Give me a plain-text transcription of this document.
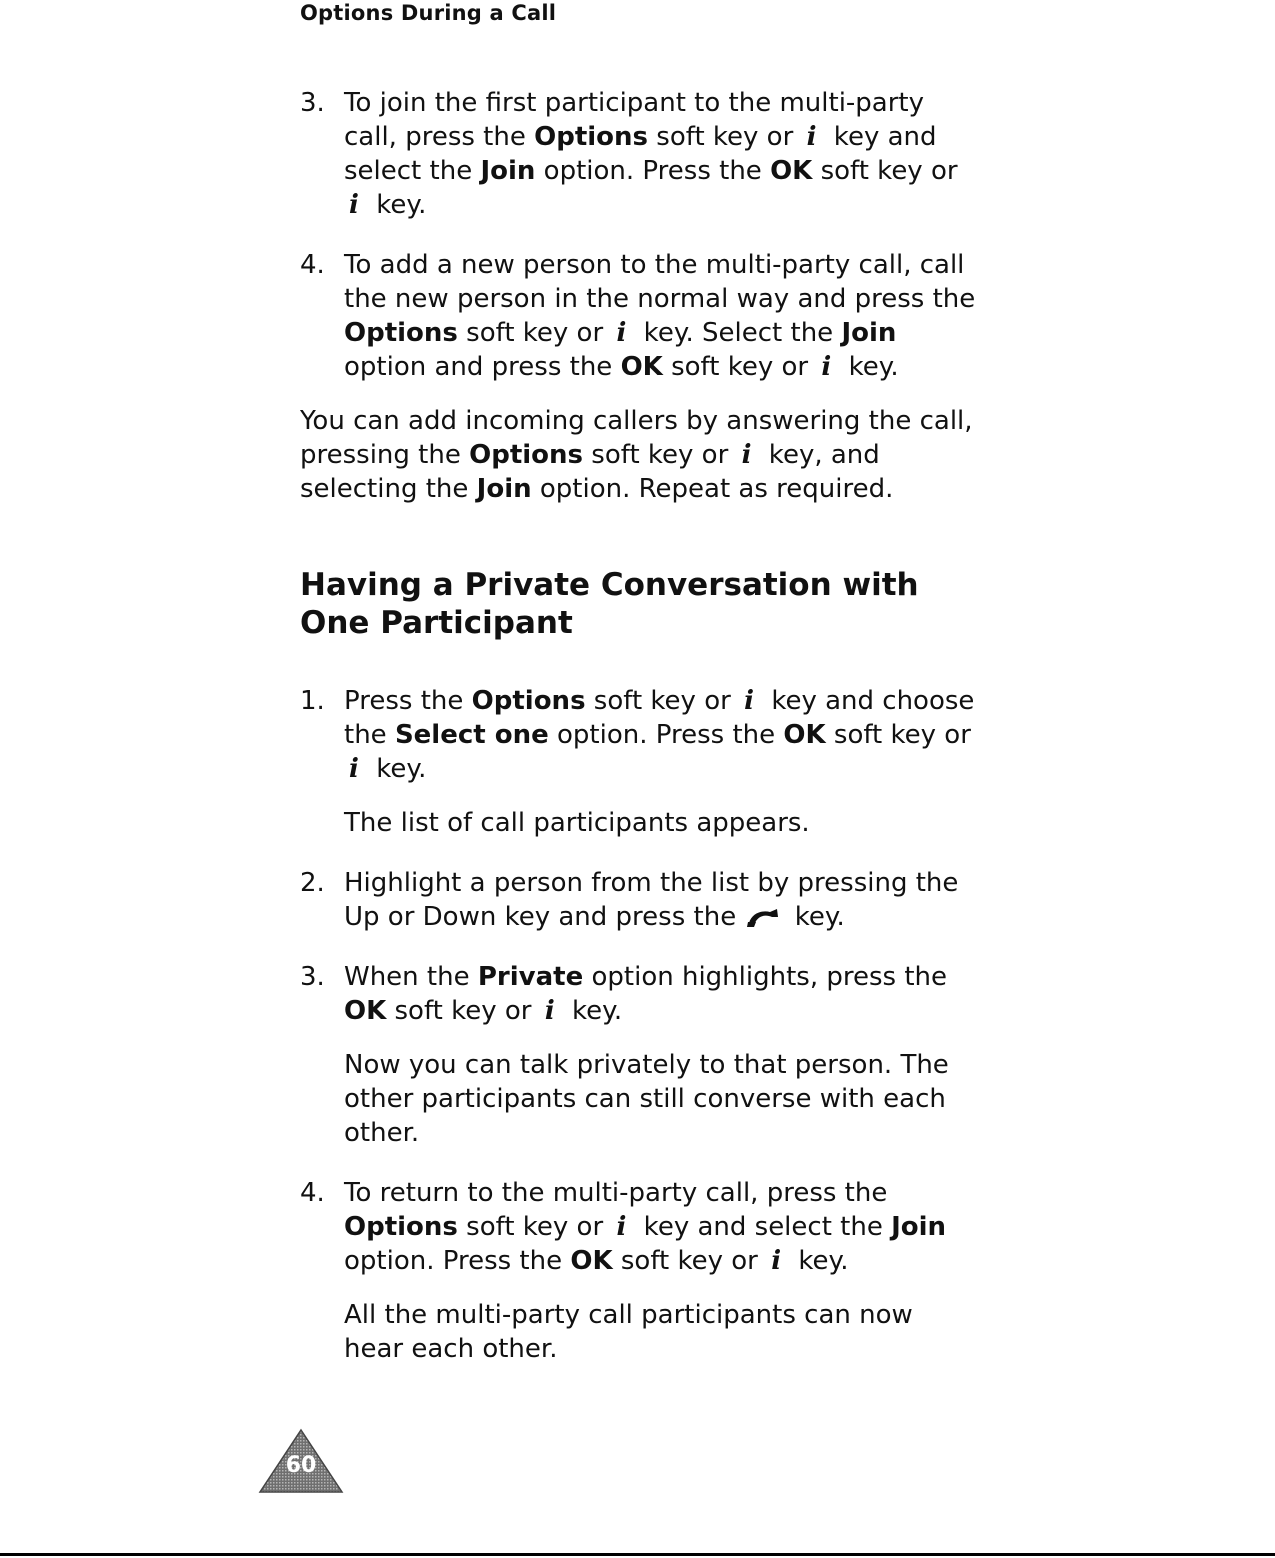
Options During a Call
3. To join the first participant to the multi-party call, press the Options soft key or i key and select the Join option. Press the OK soft key or i key.

4. To add a new person to the multi-party call, call the new person in the normal way and press the Options soft key or i key. Select the Join option and press the OK soft key or i key.

You can add incoming callers by answering the call, pressing the Options soft key or i key, and selecting the Join option. Repeat as required.

Having a Private Conversation with One Participant
1. Press the Options soft key or i key and choose the Select one option. Press the OK soft key or i key.

The list of call participants appears.

2. Highlight a person from the list by pressing the Up or Down key and press the  key.

3. When the Private option highlights, press the OK soft key or i key.

Now you can talk privately to that person. The other participants can still converse with each other.

4. To return to the multi-party call, press the Options soft key or i key and select the Join option. Press the OK soft key or i key.

All the multi-party call participants can now hear each other.

60
